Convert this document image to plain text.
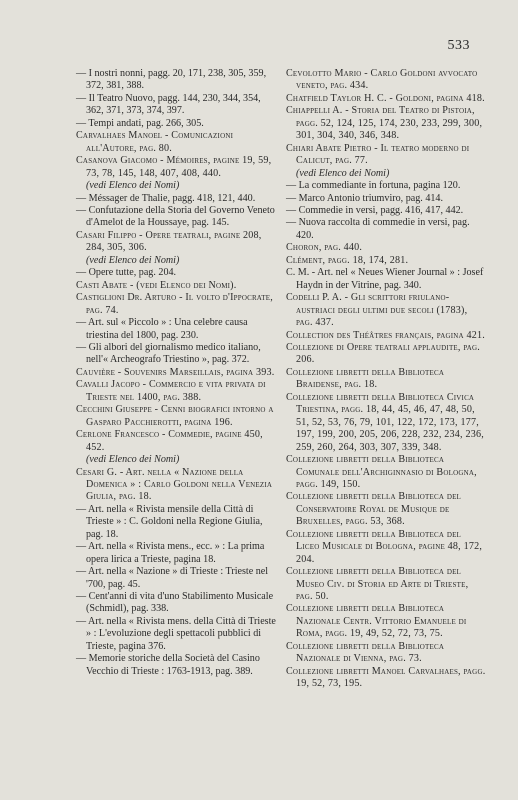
533

— I nostri nonni, pagg. 20, 171, 238, 305, 359, 372, 381, 388.

— Il Teatro Nuovo, pagg. 144, 230, 344, 354, 362, 371, 373, 374, 397.

— Tempi andati, pag. 266, 305.

Carvalhaes Manoel - Comunicazioni all'Autore, pag. 80.

Casanova Giacomo - Mémoires, pagine 19, 59, 73, 78, 145, 148, 407, 408, 440.

(vedi Elenco dei Nomi)

— Méssager de Thalie, pagg. 418, 121, 440.

— Confutazione della Storia del Governo Veneto d'Amelot de la Houssaye, pag. 145.

Casari Filippo - Opere teatrali, pagine 208, 284, 305, 306.

(vedi Elenco dei Nomi)

— Opere tutte, pag. 204.

Casti Abate - (vedi Elenco dei Nomi).

Castiglioni Dr. Arturo - Il volto d'Ippocrate, pag. 74.

— Art. sul « Piccolo » : Una celebre causa triestina del 1800, pag. 230.

— Gli albori del giornalismo medico italiano, nell'« Archeografo Triestino », pag. 372.

Cauvière - Souvenirs Marseillais, pagina 393.

Cavalli Jacopo - Commercio e vita privata di Trieste nel 1400, pag. 388.

Cecchini Giuseppe - Cenni biografici intorno a Gasparo Pacchierotti, pagina 196.

Cerlone Francesco - Commedie, pagine 450, 452.

(vedi Elenco dei Nomi)

Cesari G. - Art. nella « Nazione della Domenica » : Carlo Goldoni nella Venezia Giulia, pag. 18.

— Art. nella « Rivista mensile della Città di Trieste » : C. Goldoni nella Regione Giulia, pag. 18.

— Art. nella « Rivista mens., ecc. » : La prima opera lirica a Trieste, pagina 18.

— Art. nella « Nazione » di Trieste : Trieste nel '700, pag. 45.

— Cent'anni di vita d'uno Stabilimento Musicale (Schmidl), pag. 338.

— Art. nella « Rivista mens. della Città di Trieste » : L'evoluzione degli spettacoli pubblici di Trieste, pagina 376.

— Memorie storiche della Società del Casino Vecchio di Trieste : 1763-1913, pag. 389.

Cevolotto Mario - Carlo Goldoni avvocato veneto, pag. 434.

Chatfield Taylor H. C. - Goldoni, pagina 418.

Chiappelli A. - Storia del Teatro di Pistoia, pagg. 52, 124, 125, 174, 230, 233, 299, 300, 301, 304, 340, 346, 348.

Chiari Abate Pietro - Il teatro moderno di Calicut, pag. 77.

(vedi Elenco dei Nomi)

— La commediante in fortuna, pagina 120.

— Marco Antonio triumviro, pag. 414.

— Commedie in versi, pagg. 416, 417, 442.

— Nuova raccolta di commedie in versi, pag. 420.

Choron, pag. 440.

Clément, pagg. 18, 174, 281.

C. M. - Art. nel « Neues Wiener Journal » : Josef Haydn in der Vitrine, pag. 340.

Codelli P. A. - Gli scrittori friulano-austriaci degli ultimi due secoli (1783), pag. 437.

Collection des Théâtres français, pagina 421.

Collezione di Opere teatrali applaudite, pag. 206.

Collezione libretti della Biblioteca Braidense, pag. 18.

Collezione libretti della Biblioteca Civica Triestina, pagg. 18, 44, 45, 46, 47, 48, 50, 51, 52, 53, 76, 79, 101, 122, 172, 173, 177, 197, 199, 200, 205, 206, 228, 232, 234, 236, 259, 260, 264, 303, 307, 339, 348.

Collezione libretti della Biblioteca Comunale dell'Archiginnasio di Bologna, pagg. 149, 150.

Collezione libretti della Biblioteca del Conservatoire Royal de Musique de Bruxelles, pagg. 53, 368.

Collezione libretti della Biblioteca del Liceo Musicale di Bologna, pagine 48, 172, 204.

Collezione libretti della Biblioteca del Museo Civ. di Storia ed Arte di Trieste, pag. 50.

Collezione libretti della Biblioteca Nazionale Centr. Vittorio Emanuele di Roma, pagg. 19, 49, 52, 72, 73, 75.

Collezione libretti della Biblioteca Nazionale di Vienna, pag. 73.

Collezione libretti Manoel Carvalhaes, pagg. 19, 52, 73, 195.
